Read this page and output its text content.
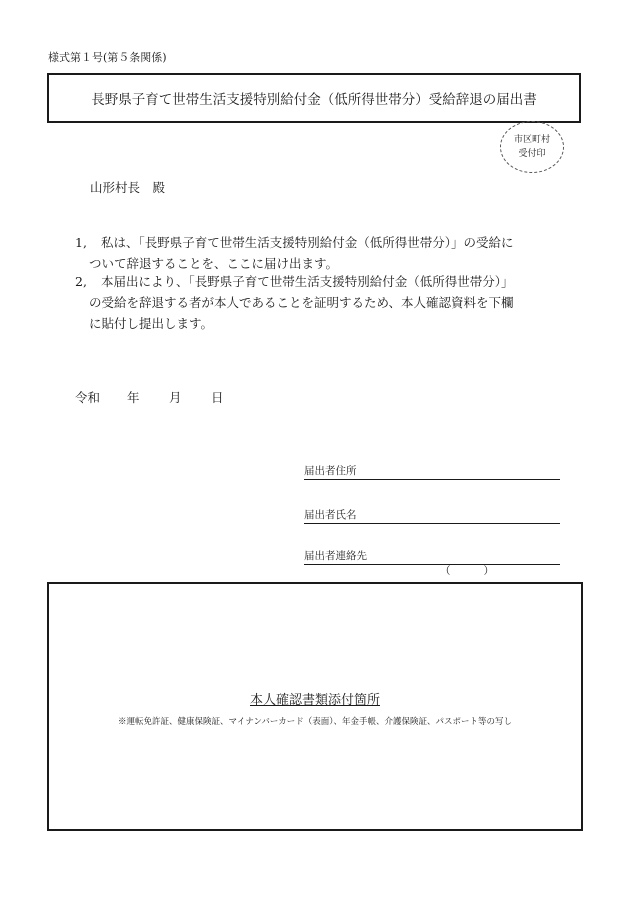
様式第１号(第５条関係)
長野県子育て世帯生活支援特別給付金（低所得世帯分）受給辞退の届出書
市区町村
受付印
山形村長　殿
1,	私は、「長野県子育て世帯生活支援特別給付金（低所得世帯分）」の受給に
ついて辞退することを、ここに届け出ます。
2,	本届出により、「長野県子育て世帯生活支援特別給付金（低所得世帯分）」
の受給を辞退する者が本人であることを証明するため、本人確認資料を下欄
に貼付し提出します。
令和 年 月 日
届出者住所
届出者氏名
届出者連絡先
（	）
本人確認書類添付箇所
※運転免許証、健康保険証、マイナンバーカード（表面）、年金手帳、介護保険証、パスポート等の写し
